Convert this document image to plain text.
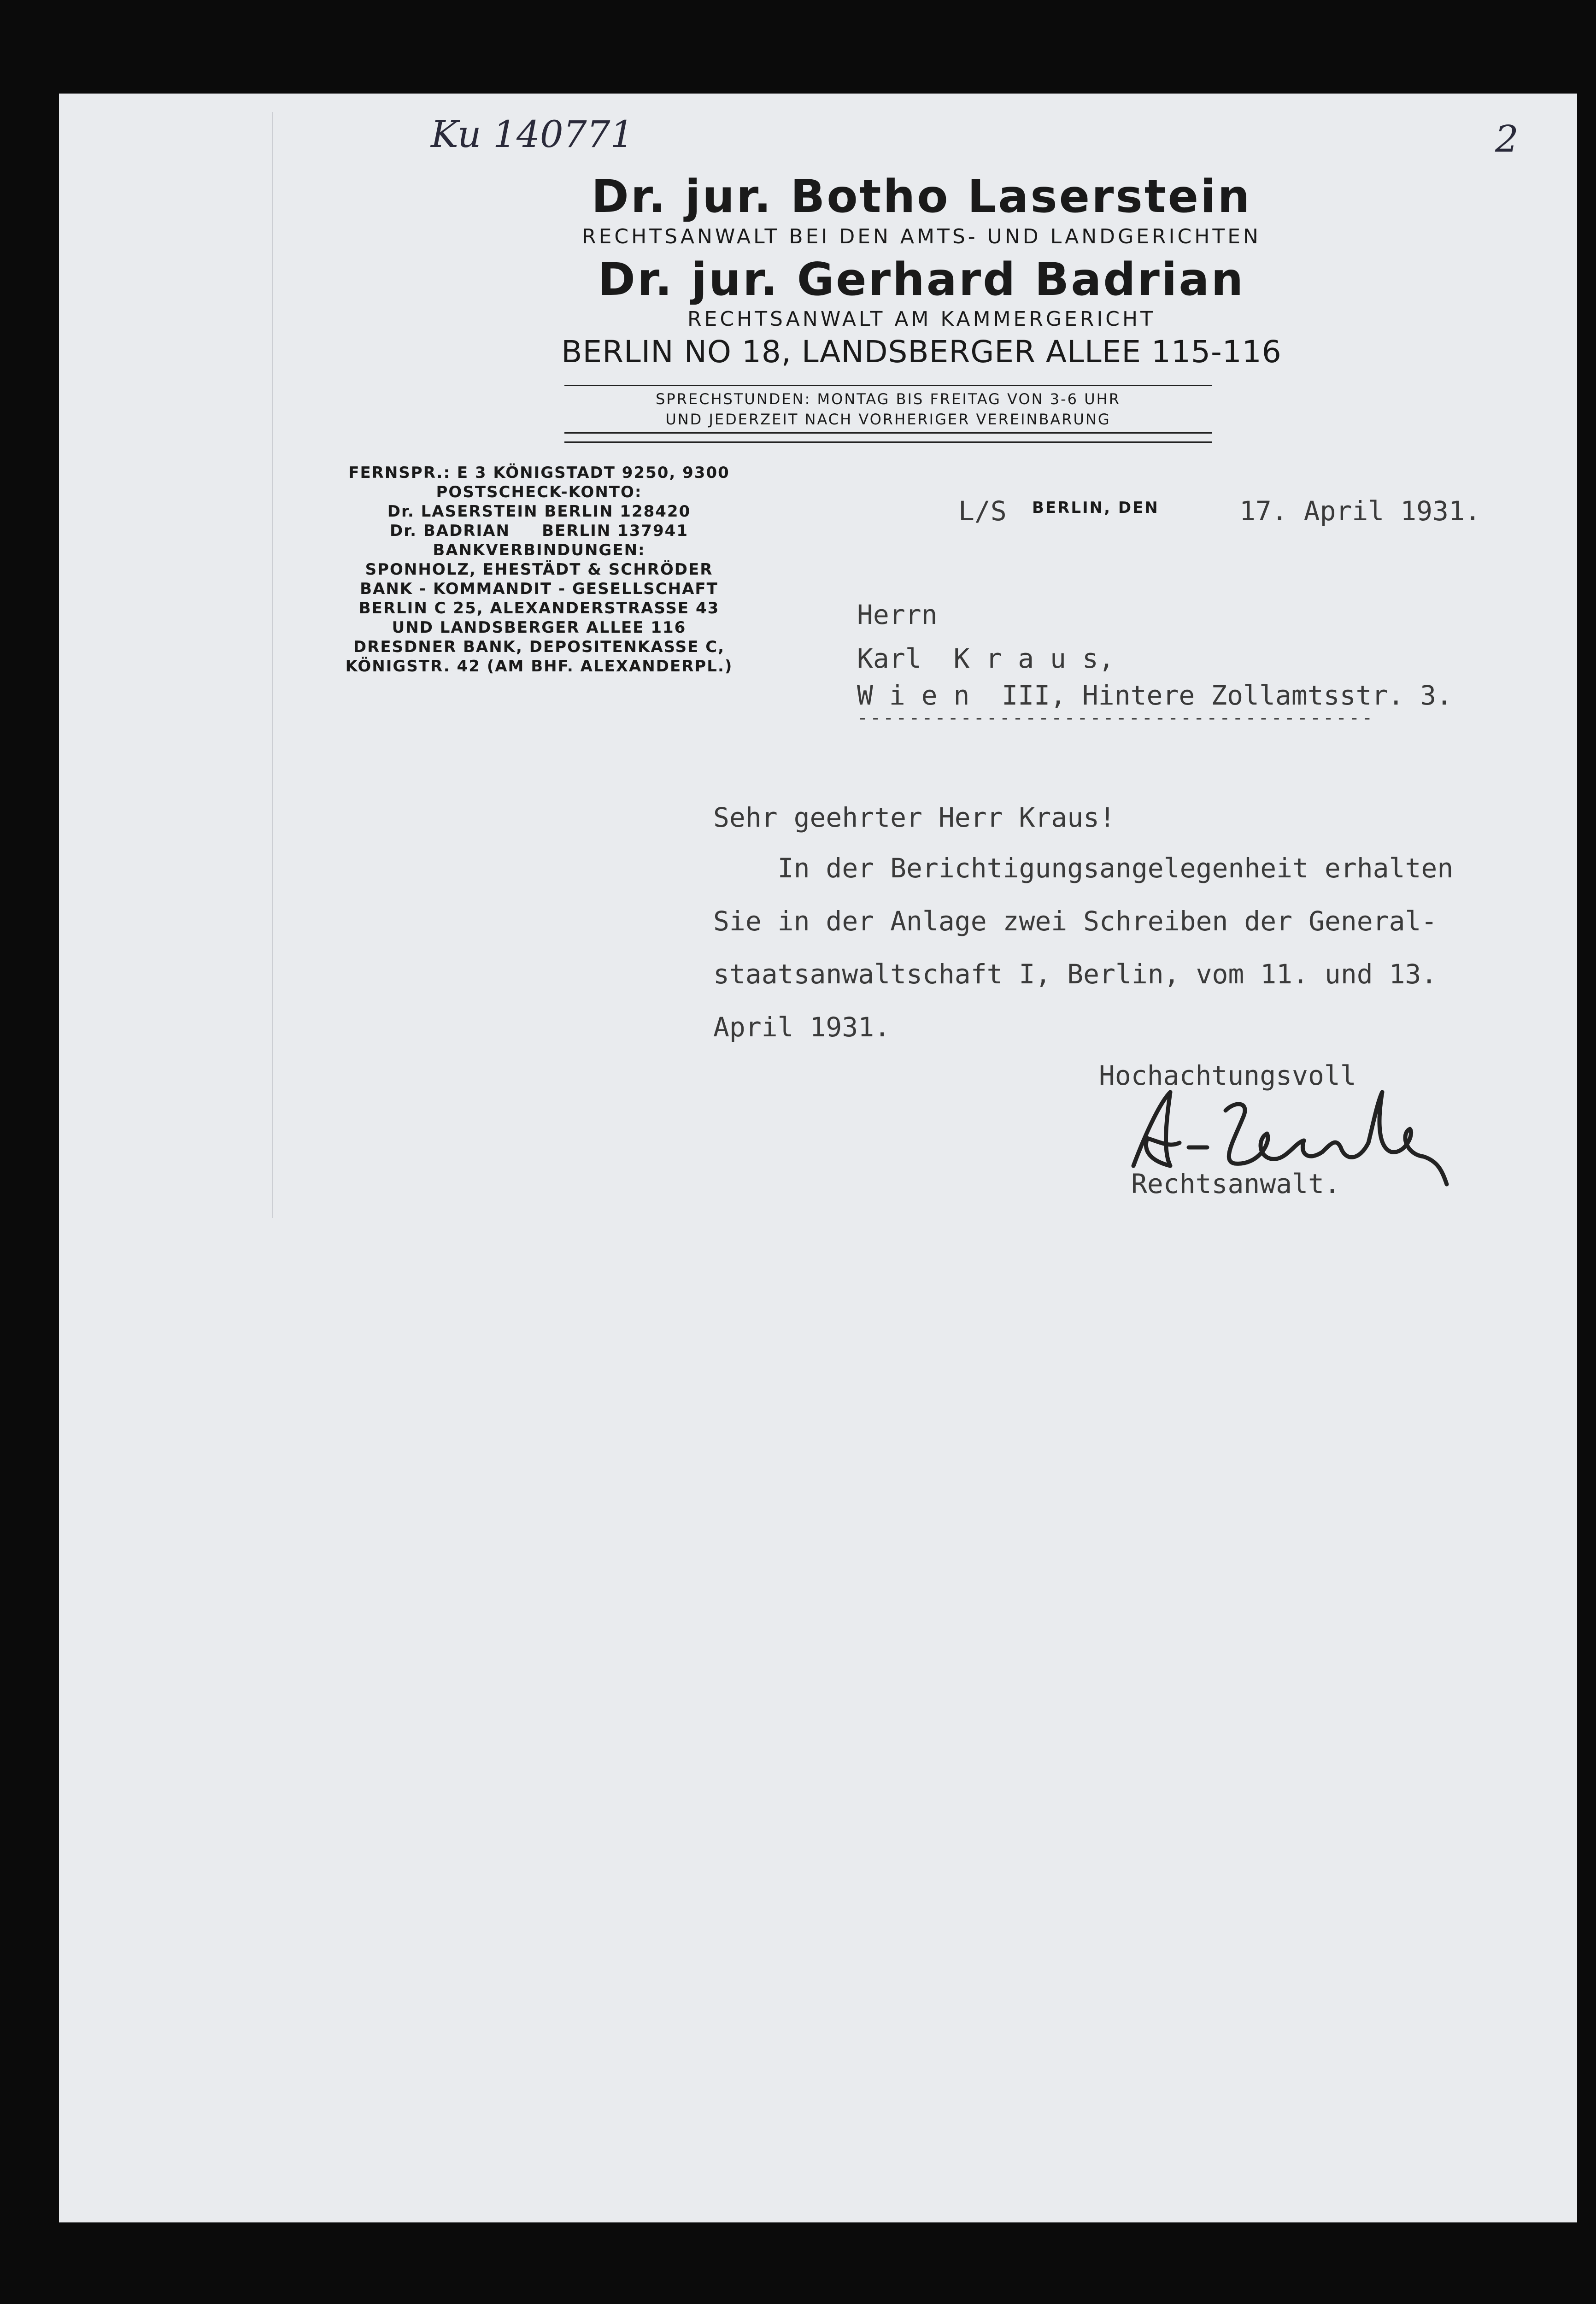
Ku 140771	2
Dr. jur. Botho Laserstein
RECHTSANWALT BEI DEN AMTS- UND LANDGERICHTEN
Dr. jur. Gerhard Badrian
RECHTSANWALT AM KAMMERGERICHT
BERLIN NO 18, LANDSBERGER ALLEE 115-116
SPRECHSTUNDEN: MONTAG BIS FREITAG VON 3-6 UHR
UND JEDERZEIT NACH VORHERIGER VEREINBARUNG
FERNSPR.: E 3 KÖNIGSTADT 9250, 9300
POSTSCHECK-KONTO:
Dr. LASERSTEIN BERLIN 128420
Dr. BADRIAN     BERLIN 137941
BANKVERBINDUNGEN:
SPONHOLZ, EHESTÄDT & SCHRÖDER
BANK - KOMMANDIT - GESELLSCHAFT
BERLIN C 25, ALEXANDERSTRASSE 43
UND LANDSBERGER ALLEE 116
DRESDNER BANK, DEPOSITENKASSE C,
KÖNIGSTR. 42 (AM BHF. ALEXANDERPL.)
L/S BERLIN, DEN	17. April 1931.
Herrn
Karl  K r a u s,
W i e n  III, Hintere Zollamtsstr. 3.
----------------------------------------
Sehr geehrter Herr Kraus!
In der Berichtigungsangelegenheit erhalten
Sie in der Anlage zwei Schreiben der General-
staatsanwaltschaft I, Berlin, vom 11. und 13.
April 1931.
Hochachtungsvoll
Rechtsanwalt.
